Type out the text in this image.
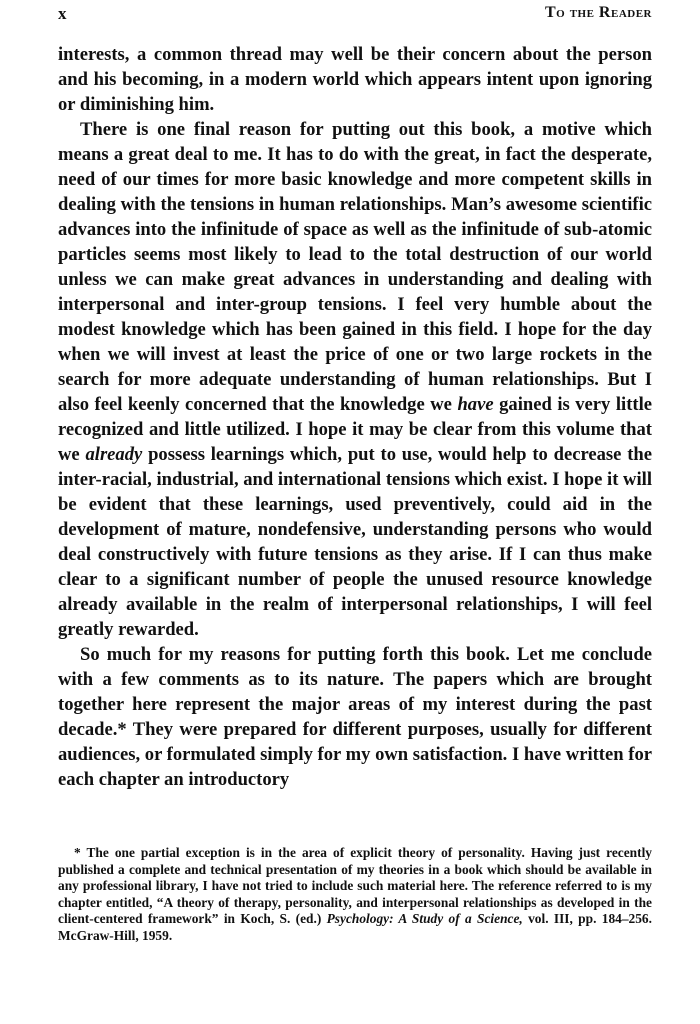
x	To the Reader

interests, a common thread may well be their concern about the person and his becoming, in a modern world which appears intent upon ignoring or diminishing him.

There is one final reason for putting out this book, a motive which means a great deal to me. It has to do with the great, in fact the desperate, need of our times for more basic knowledge and more competent skills in dealing with the tensions in human relationships. Man’s awesome scientific advances into the infinitude of space as well as the infinitude of sub-atomic particles seems most likely to lead to the total destruction of our world unless we can make great advances in understanding and dealing with interpersonal and inter-group tensions. I feel very humble about the modest knowledge which has been gained in this field. I hope for the day when we will invest at least the price of one or two large rockets in the search for more adequate understanding of human relationships. But I also feel keenly concerned that the knowledge we have gained is very little recognized and little utilized. I hope it may be clear from this volume that we already possess learnings which, put to use, would help to decrease the inter-racial, industrial, and international tensions which exist. I hope it will be evident that these learnings, used preventively, could aid in the development of mature, nondefensive, understanding persons who would deal constructively with future tensions as they arise. If I can thus make clear to a significant number of people the unused resource knowledge already available in the realm of interpersonal relationships, I will feel greatly rewarded.

So much for my reasons for putting forth this book. Let me conclude with a few comments as to its nature. The papers which are brought together here represent the major areas of my interest during the past decade.* They were prepared for different purposes, usually for different audiences, or formulated simply for my own satisfaction. I have written for each chapter an introductory

* The one partial exception is in the area of explicit theory of personality. Having just recently published a complete and technical presentation of my theories in a book which should be available in any professional library, I have not tried to include such material here. The reference referred to is my chapter entitled, “A theory of therapy, personality, and interpersonal relationships as developed in the client-centered framework” in Koch, S. (ed.) Psychology: A Study of a Science, vol. III, pp. 184–256. McGraw-Hill, 1959.
